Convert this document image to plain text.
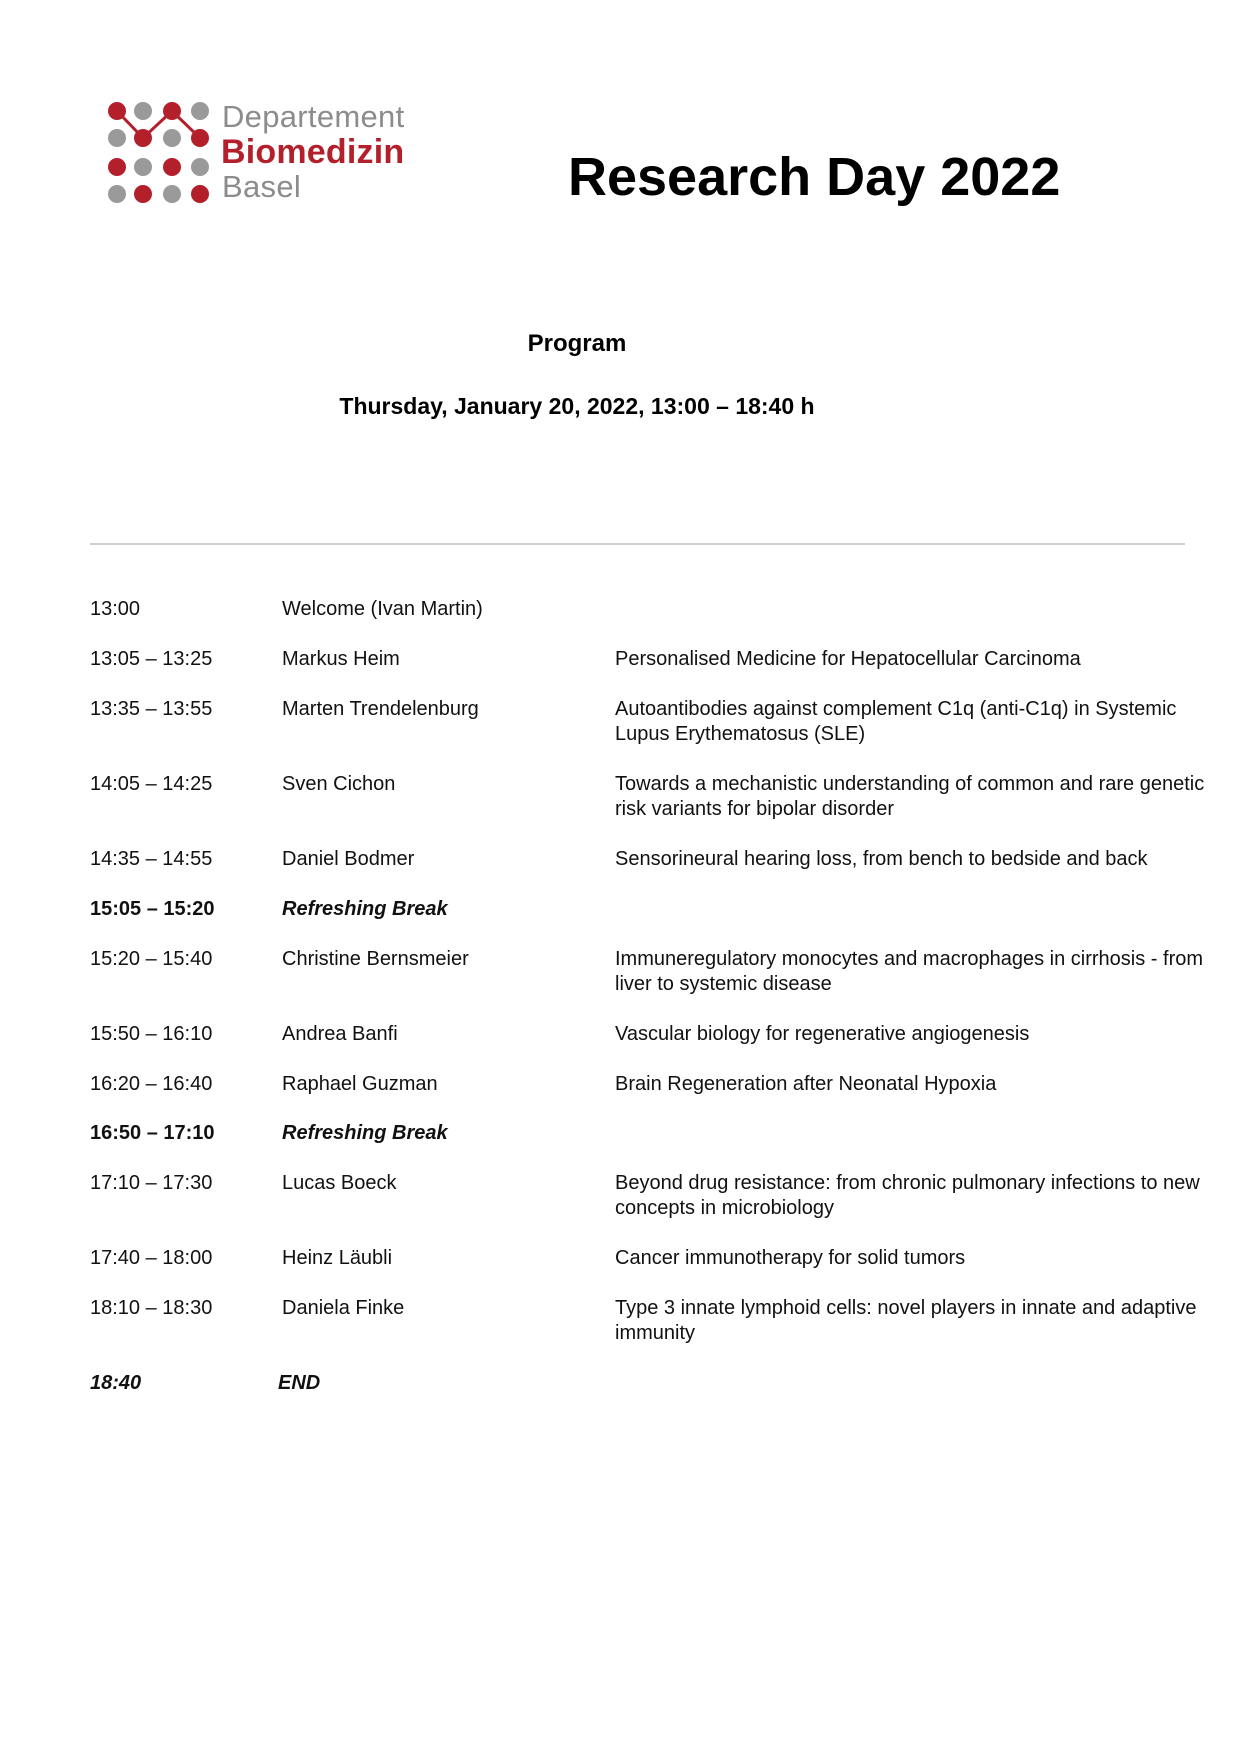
Departement
Biomedizin
Basel	Research Day 2022
Program
Thursday, January 20, 2022, 13:00 – 18:40 h
13:00	Welcome (Ivan Martin)
13:05 – 13:25	Markus Heim	Personalised Medicine for Hepatocellular Carcinoma
13:35 – 13:55	Marten Trendelenburg	Autoantibodies against complement C1q (anti-C1q) in Systemic Lupus Erythematosus (SLE)
14:05 – 14:25	Sven Cichon	Towards a mechanistic understanding of common and rare genetic risk variants for bipolar disorder
14:35 – 14:55	Daniel Bodmer	Sensorineural hearing loss, from bench to bedside and back
15:05 – 15:20	Refreshing Break
15:20 – 15:40	Christine Bernsmeier	Immuneregulatory monocytes and macrophages in cirrhosis - from liver to systemic disease
15:50 – 16:10	Andrea Banfi	Vascular biology for regenerative angiogenesis
16:20 – 16:40	Raphael Guzman	Brain Regeneration after Neonatal Hypoxia
16:50 – 17:10	Refreshing Break
17:10 – 17:30	Lucas Boeck	Beyond drug resistance: from chronic pulmonary infections to new concepts in microbiology
17:40 – 18:00	Heinz Läubli	Cancer immunotherapy for solid tumors
18:10 – 18:30	Daniela Finke	Type 3 innate lymphoid cells: novel players in innate and adaptive immunity
18:40	END
